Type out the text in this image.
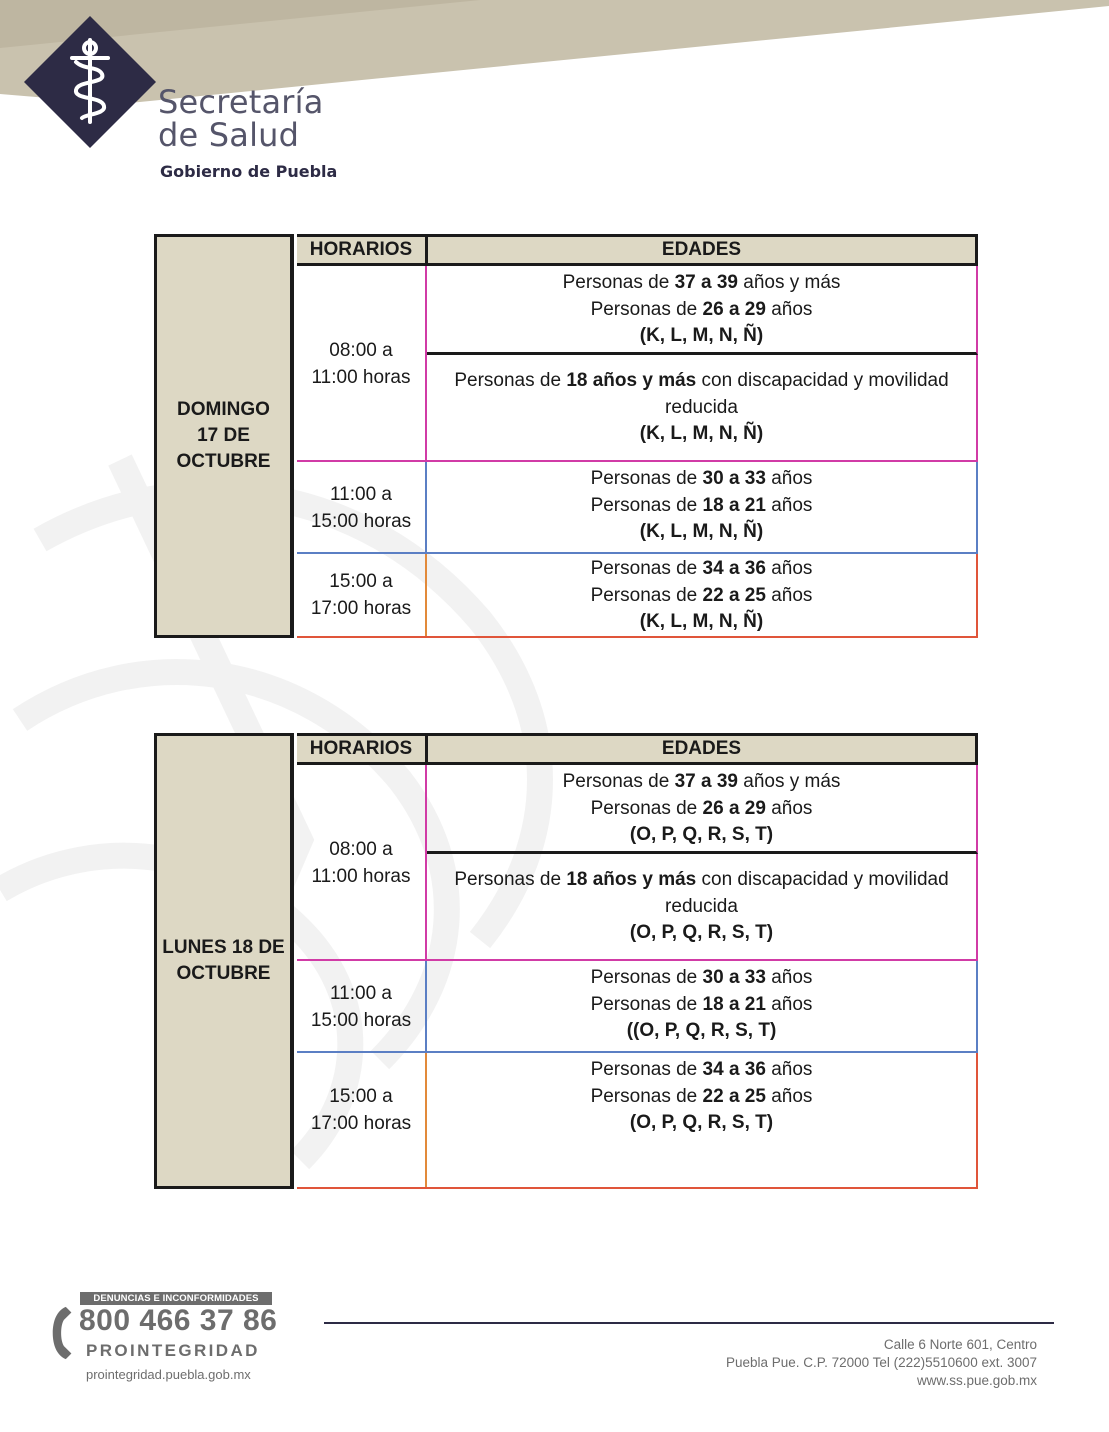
Secretaría
de Salud
Gobierno de Puebla
DOMINGO
17 DE
OCTUBRE
HORARIOS	EDADES
08:00 a
11:00 horas
Personas de 37 a 39 años y más
Personas de 26 a 29 años
(K, L, M, N, Ñ)
Personas de 18 años y más con discapacidad y movilidad
reducida
(K, L, M, N, Ñ)
11:00 a
15:00 horas
Personas de 30 a 33 años
Personas de 18 a 21 años
(K, L, M, N, Ñ)
15:00 a
17:00 horas
Personas de 34 a 36 años
Personas de 22 a 25 años
(K, L, M, N, Ñ)
LUNES 18 DE
OCTUBRE
HORARIOS	EDADES
08:00 a
11:00 horas
Personas de 37 a 39 años y más
Personas de 26 a 29 años
(O, P, Q, R, S, T)
Personas de 18 años y más con discapacidad y movilidad
reducida
(O, P, Q, R, S, T)
11:00 a
15:00 horas
Personas de 30 a 33 años
Personas de 18 a 21 años
((O, P, Q, R, S, T)
15:00 a
17:00 horas
Personas de 34 a 36 años
Personas de 22 a 25 años
(O, P, Q, R, S, T)
DENUNCIAS E INCONFORMIDADES
800 466 37 86
PROINTEGRIDAD
prointegridad.puebla.gob.mx
Calle 6 Norte 601, Centro
Puebla Pue. C.P. 72000 Tel (222)5510600 ext. 3007
www.ss.pue.gob.mx
